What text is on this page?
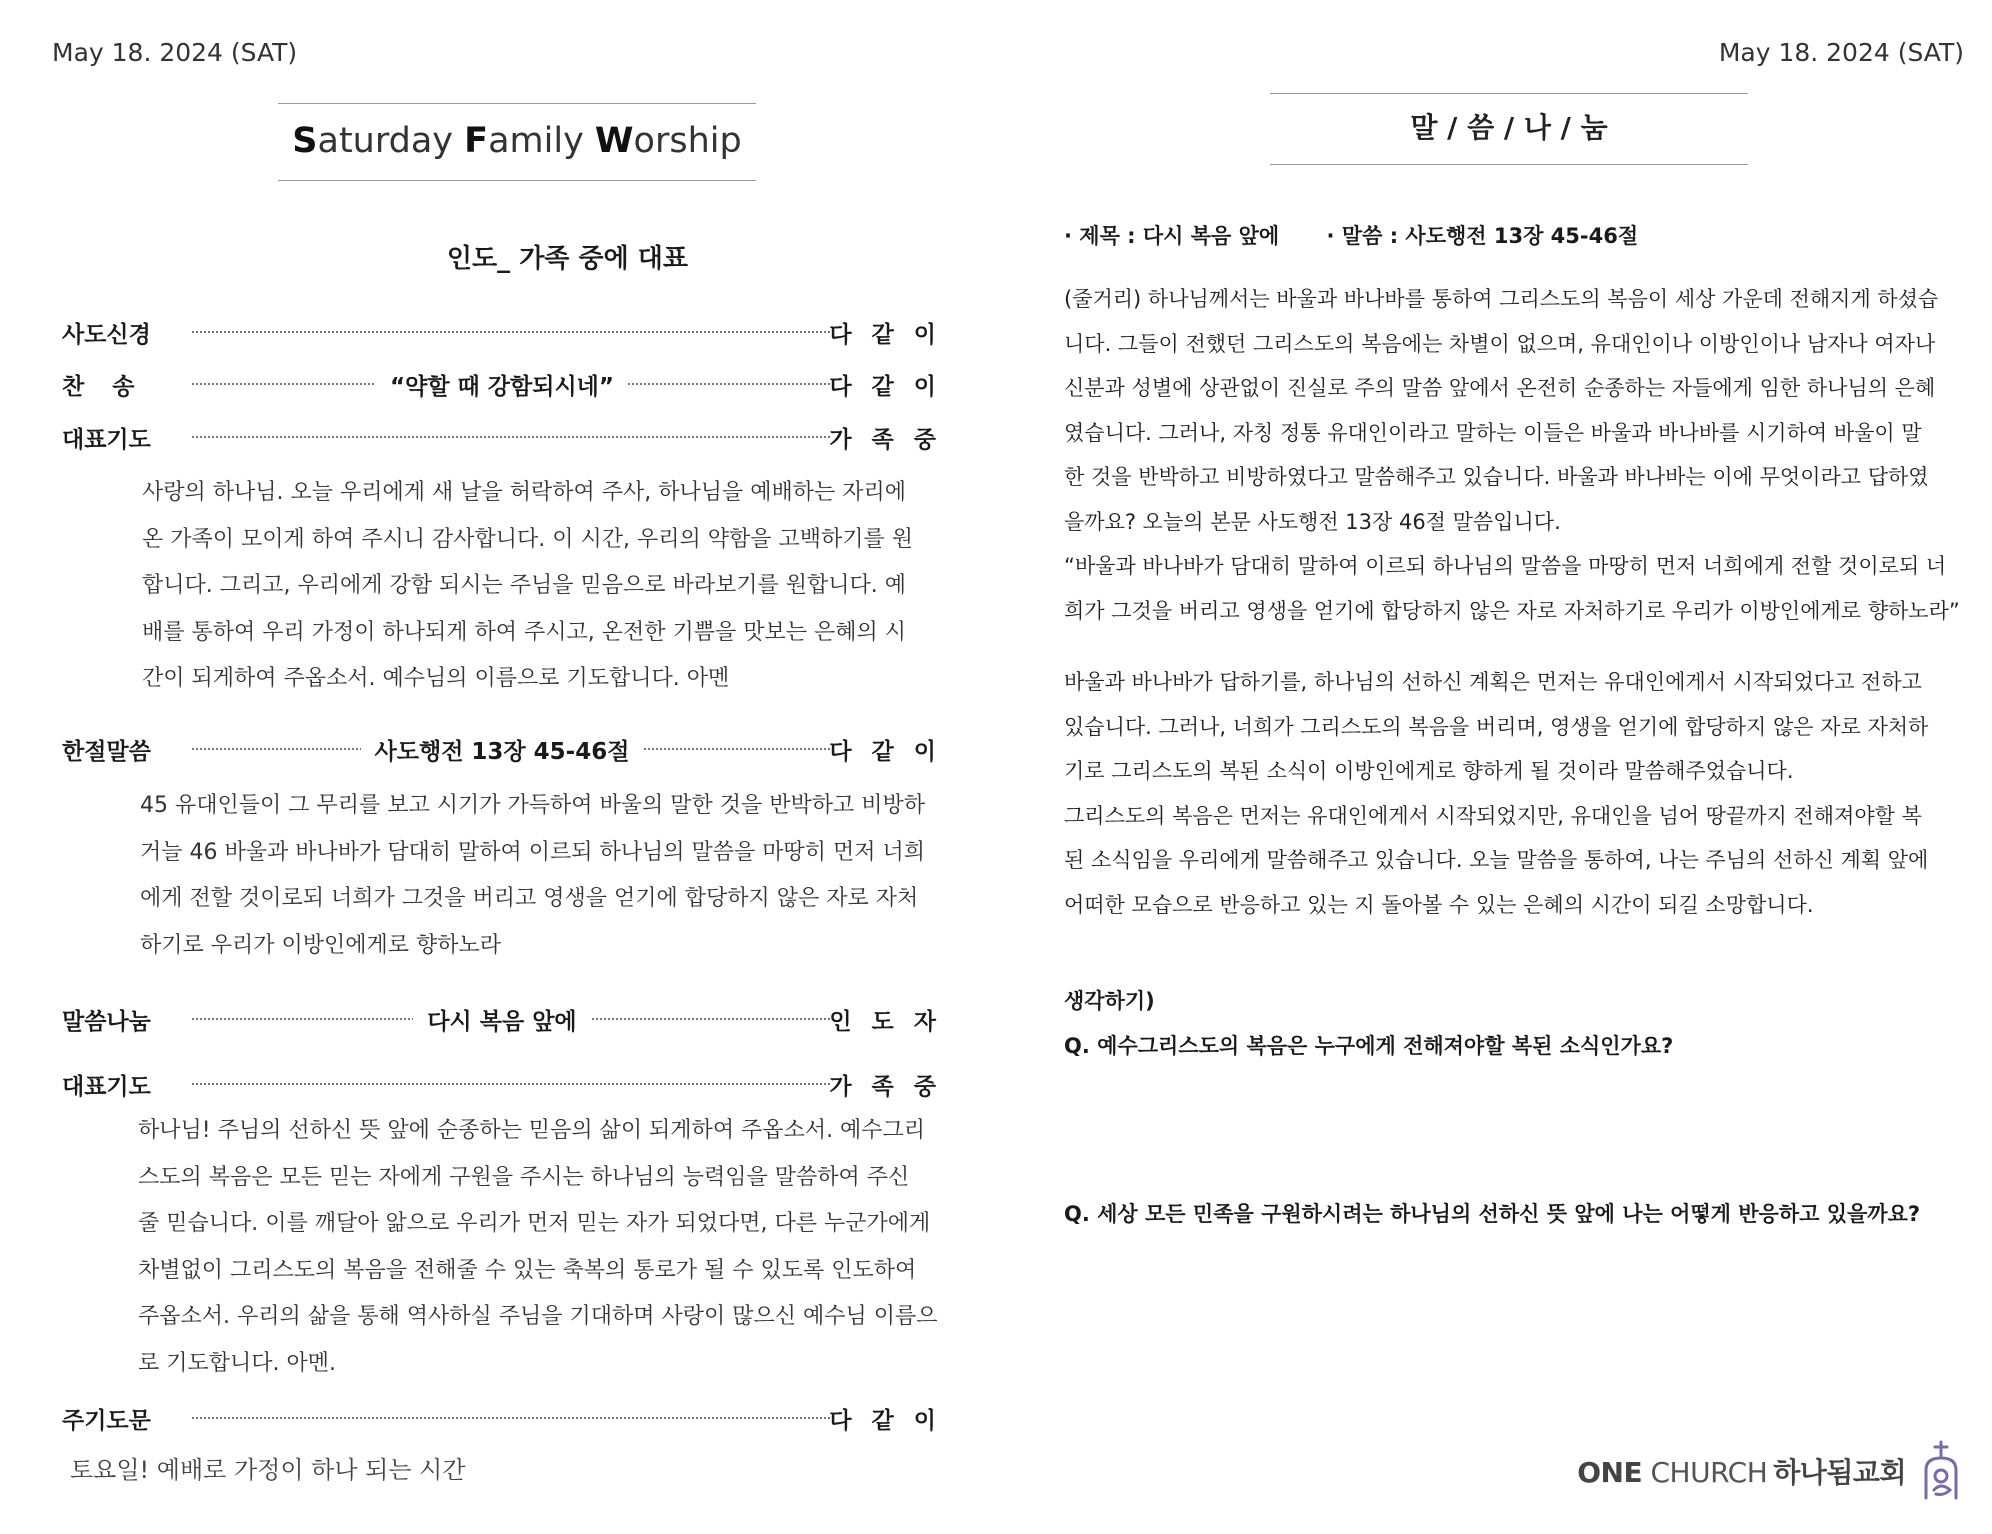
May 18. 2024 (SAT)
Saturday Family Worship
인도_ 가족 중에 대표
사도신경	다 같 이
찬송	“약할 때 강함되시네”	다 같 이
대표기도	가 족 중
사랑의 하나님. 오늘 우리에게 새 날을 허락하여 주사, 하나님을 예배하는 자리에
온 가족이 모이게 하여 주시니 감사합니다. 이 시간, 우리의 약함을 고백하기를 원
합니다. 그리고, 우리에게 강함 되시는 주님을 믿음으로 바라보기를 원합니다. 예
배를 통하여 우리 가정이 하나되게 하여 주시고, 온전한 기쁨을 맛보는 은혜의 시
간이 되게하여 주옵소서. 예수님의 이름으로 기도합니다. 아멘
한절말씀	사도행전 13장 45-46절	다 같 이
45 유대인들이 그 무리를 보고 시기가 가득하여 바울의 말한 것을 반박하고 비방하
거늘 46 바울과 바나바가 담대히 말하여 이르되 하나님의 말씀을 마땅히 먼저 너희
에게 전할 것이로되 너희가 그것을 버리고 영생을 얻기에 합당하지 않은 자로 자처
하기로 우리가 이방인에게로 향하노라
말씀나눔	다시 복음 앞에	인 도 자
대표기도	가 족 중
하나님! 주님의 선하신 뜻 앞에 순종하는 믿음의 삶이 되게하여 주옵소서. 예수그리
스도의 복음은 모든 믿는 자에게 구원을 주시는 하나님의 능력임을 말씀하여 주신
줄 믿습니다. 이를 깨달아 앎으로 우리가 먼저 믿는 자가 되었다면, 다른 누군가에게
차별없이 그리스도의 복음을 전해줄 수 있는 축복의 통로가 될 수 있도록 인도하여
주옵소서. 우리의 삶을 통해 역사하실 주님을 기대하며 사랑이 많으신 예수님 이름으
로 기도합니다. 아멘.
주기도문	다 같 이
토요일! 예배로 가정이 하나 되는 시간
May 18. 2024 (SAT)
말 / 씀 / 나 / 눔
· 제목 : 다시 복음 앞에 · 말씀 : 사도행전 13장 45-46절
(줄거리) 하나님께서는 바울과 바나바를 통하여 그리스도의 복음이 세상 가운데 전해지게 하셨습
니다. 그들이 전했던 그리스도의 복음에는 차별이 없으며, 유대인이나 이방인이나 남자나 여자나
신분과 성별에 상관없이 진실로 주의 말씀 앞에서 온전히 순종하는 자들에게 임한 하나님의 은혜
였습니다. 그러나, 자칭 정통 유대인이라고 말하는 이들은 바울과 바나바를 시기하여 바울이 말
한 것을 반박하고 비방하였다고 말씀해주고 있습니다. 바울과 바나바는 이에 무엇이라고 답하였
을까요? 오늘의 본문 사도행전 13장 46절 말씀입니다.
“바울과 바나바가 담대히 말하여 이르되 하나님의 말씀을 마땅히 먼저 너희에게 전할 것이로되 너
희가 그것을 버리고 영생을 얻기에 합당하지 않은 자로 자처하기로 우리가 이방인에게로 향하노라”
바울과 바나바가 답하기를, 하나님의 선하신 계획은 먼저는 유대인에게서 시작되었다고 전하고
있습니다. 그러나, 너희가 그리스도의 복음을 버리며, 영생을 얻기에 합당하지 않은 자로 자처하
기로 그리스도의 복된 소식이 이방인에게로 향하게 될 것이라 말씀해주었습니다.
그리스도의 복음은 먼저는 유대인에게서 시작되었지만, 유대인을 넘어 땅끝까지 전해져야할 복
된 소식임을 우리에게 말씀해주고 있습니다. 오늘 말씀을 통하여, 나는 주님의 선하신 계획 앞에
어떠한 모습으로 반응하고 있는 지 돌아볼 수 있는 은혜의 시간이 되길 소망합니다.
생각하기)
Q. 예수그리스도의 복음은 누구에게 전해져야할 복된 소식인가요?
Q. 세상 모든 민족을 구원하시려는 하나님의 선하신 뜻 앞에 나는 어떻게 반응하고 있을까요?
ONE CHURCH 하나됨교회
